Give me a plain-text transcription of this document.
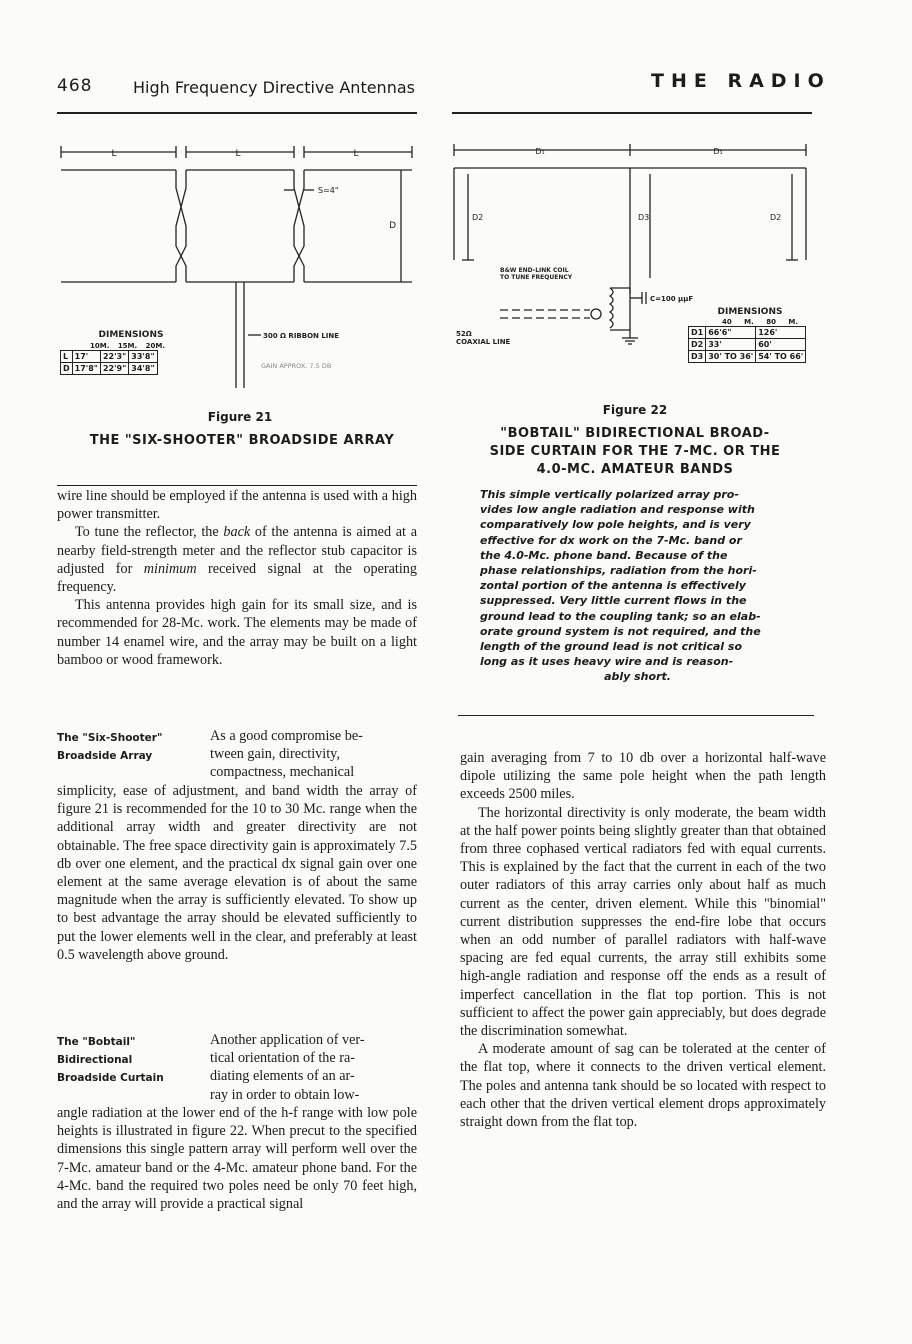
468	High Frequency Directive Antennas	THE RADIO
L	L	L
S=4"
D
300 Ω RIBBON LINE
GAIN APPROX. 7.5 DB
DIMENSIONS
10M. 15M. 20M.
L	17'	22'3"	33'8"
D	17'8"	22'9"	34'8"
Figure 21
THE "SIX-SHOOTER" BROADSIDE ARRAY
D₁	D₁
D2	D3	D2
B&W END-LINK COIL
TO TUNE FREQUENCY
C=100 µµF
52Ω
COAXIAL LINE
DIMENSIONS
40 M. 80 M.
D1	66'6"	126'
D2	33'	60'
D3	30' TO 36'	54' TO 66'
Figure 22
"BOBTAIL" BIDIRECTIONAL BROAD-
SIDE CURTAIN FOR THE 7-MC. OR THE
4.0-MC. AMATEUR BANDS
This simple vertically polarized array pro-
vides low angle radiation and response with
comparatively low pole heights, and is very
effective for dx work on the 7-Mc. band or
the 4.0-Mc. phone band. Because of the
phase relationships, radiation from the hori-
zontal portion of the antenna is effectively
suppressed. Very little current flows in the
ground lead to the coupling tank; so an elab-
orate ground system is not required, and the
length of the ground lead is not critical so
long as it uses heavy wire and is reason-
ably short.

wire line should be employed if the antenna is used with a high power transmitter.

To tune the reflector, the back of the antenna is aimed at a nearby field-strength meter and the reflector stub capacitor is adjusted for minimum received signal at the operating frequency.

This antenna provides high gain for its small size, and is recommended for 28-Mc. work. The elements may be made of number 14 enamel wire, and the array may be built on a light bamboo or wood framework.

The "Six-Shooter"
Broadside Array
As a good compromise be-
tween gain, directivity,
compactness, mechanical

simplicity, ease of adjustment, and band width the array of figure 21 is recommended for the 10 to 30 Mc. range when the additional array width and greater directivity are not obtainable. The free space directivity gain is approximately 7.5 db over one element, and the practical dx signal gain over one element at the same average elevation is of about the same magnitude when the array is sufficiently elevated. To show up to best advantage the array should be elevated sufficiently to put the lower elements well in the clear, and preferably at least 0.5 wavelength above ground.

The "Bobtail"
Bidirectional
Broadside Curtain
Another application of ver-
tical orientation of the ra-
diating elements of an ar-
ray in order to obtain low-

angle radiation at the lower end of the h-f range with low pole heights is illustrated in figure 22. When precut to the specified dimensions this single pattern array will perform well over the 7-Mc. amateur band or the 4-Mc. amateur phone band. For the 4-Mc. band the required two poles need be only 70 feet high, and the array will provide a practical signal

gain averaging from 7 to 10 db over a horizontal half-wave dipole utilizing the same pole height when the path length exceeds 2500 miles.

The horizontal directivity is only moderate, the beam width at the half power points being slightly greater than that obtained from three cophased vertical radiators fed with equal currents. This is explained by the fact that the current in each of the two outer radiators of this array carries only about half as much current as the center, driven element. While this "binomial" current distribution suppresses the end-fire lobe that occurs when an odd number of parallel radiators with half-wave spacing are fed equal currents, the array still exhibits some high-angle radiation and response off the ends as a result of imperfect cancellation in the flat top portion. This is not sufficient to affect the power gain appreciably, but does degrade the discrimination somewhat.

A moderate amount of sag can be tolerated at the center of the flat top, where it connects to the driven vertical element. The poles and antenna tank should be so located with respect to each other that the driven vertical element drops approximately straight down from the flat top.
